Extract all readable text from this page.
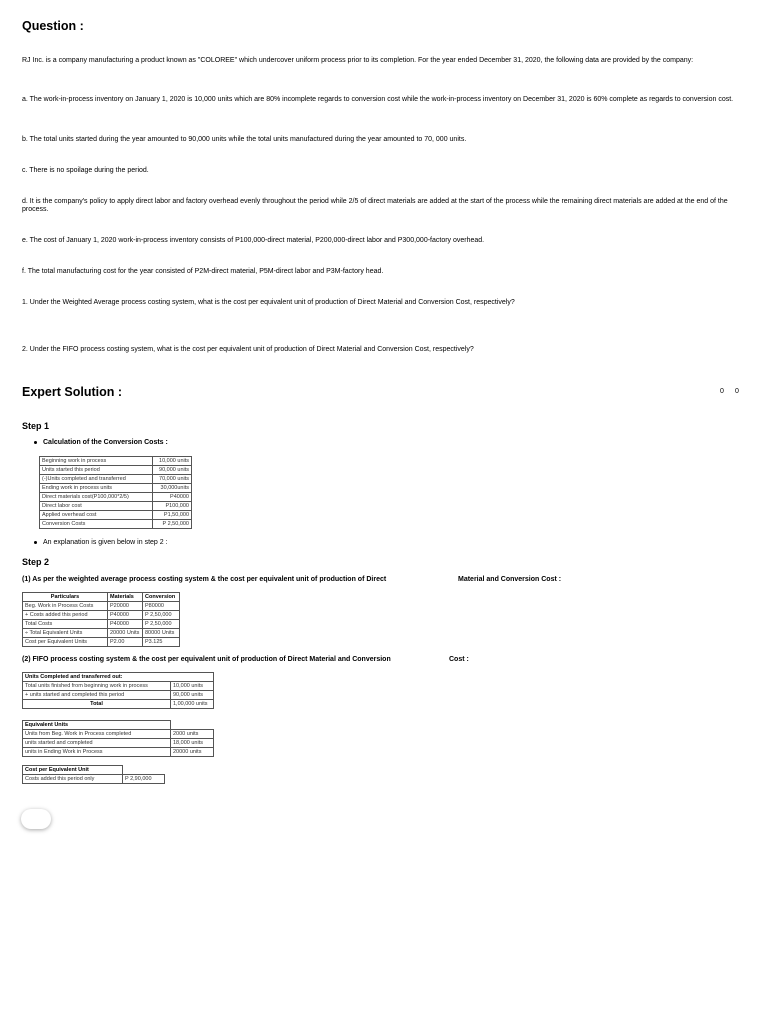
Question :
RJ Inc. is a company manufacturing a product known as "COLOREE" which undercover uniform process prior to its completion. For the year ended December 31, 2020, the following data are provided by the company:
a. The work-in-process inventory on January 1, 2020 is 10,000 units which are 80% incomplete regards to conversion cost while the work-in-process inventory on December 31, 2020 is 60% complete as regards to conversion cost.
b. The total units started during the year amounted to 90,000 units while the total units manufactured during the year amounted to 70, 000 units.
c. There is no spoilage during the period.
d. It is the company's policy to apply direct labor and factory overhead evenly throughout the period while 2/5 of direct materials are added at the start of the process while the remaining direct materials are added at the end of the process.
e. The cost of January 1, 2020 work-in-process inventory consists of P100,000-direct material, P200,000-direct labor and P300,000-factory overhead.
f. The total manufacturing cost for the year consisted of P2M-direct material, P5M-direct labor and P3M-factory head.
1. Under the Weighted Average process costing system, what is the cost per equivalent unit of production of Direct Material and Conversion Cost, respectively?
2. Under the FIFO process costing system, what is the cost per equivalent unit of production of Direct Material and Conversion Cost, respectively?
Expert Solution :	0 0
Step 1
Calculation of the Conversion Costs :
Beginning work in process	10,000 units
Units started this period	90,000 units
(-)Units completed and transferred	70,000 units
Ending work in process units	30,000units
Direct materials cost(P100,000*2/5)	P40000
Direct labor cost	P100,000
Applied overhead cost	P1,50,000
Conversion Costs	P 2,50,000
An explanation is given below in step 2 :
Step 2
(1) As per the weighted average process costing system & the cost per equivalent unit of production of Direct	Material and Conversion Cost :
Particulars	Materials	Conversion
Beg. Work in Process Costs	P20000	P80000
+ Costs added this period	P40000	P 2,50,000
Total Costs	P40000	P 2,50,000
÷ Total Equivalent Units	20000 Units	80000 Units
Cost per Equivalent Units	P2.00	P3.125
(2) FIFO process costing system & the cost per equivalent unit of production of Direct Material and Conversion	Cost :
Units Completed and transferred out:	
Total units finished from beginning work in process	10,000 units
+ units started and completed this period	90,000 units
Total	1,00,000 units
Equivalent Units	
Units from Beg. Work in Process completed	2000 units
units started and completed	18,000 units
units in Ending Work in Process	20000 units
Cost per Equivalent Unit	
Costs added this period only	P 2,90,000
